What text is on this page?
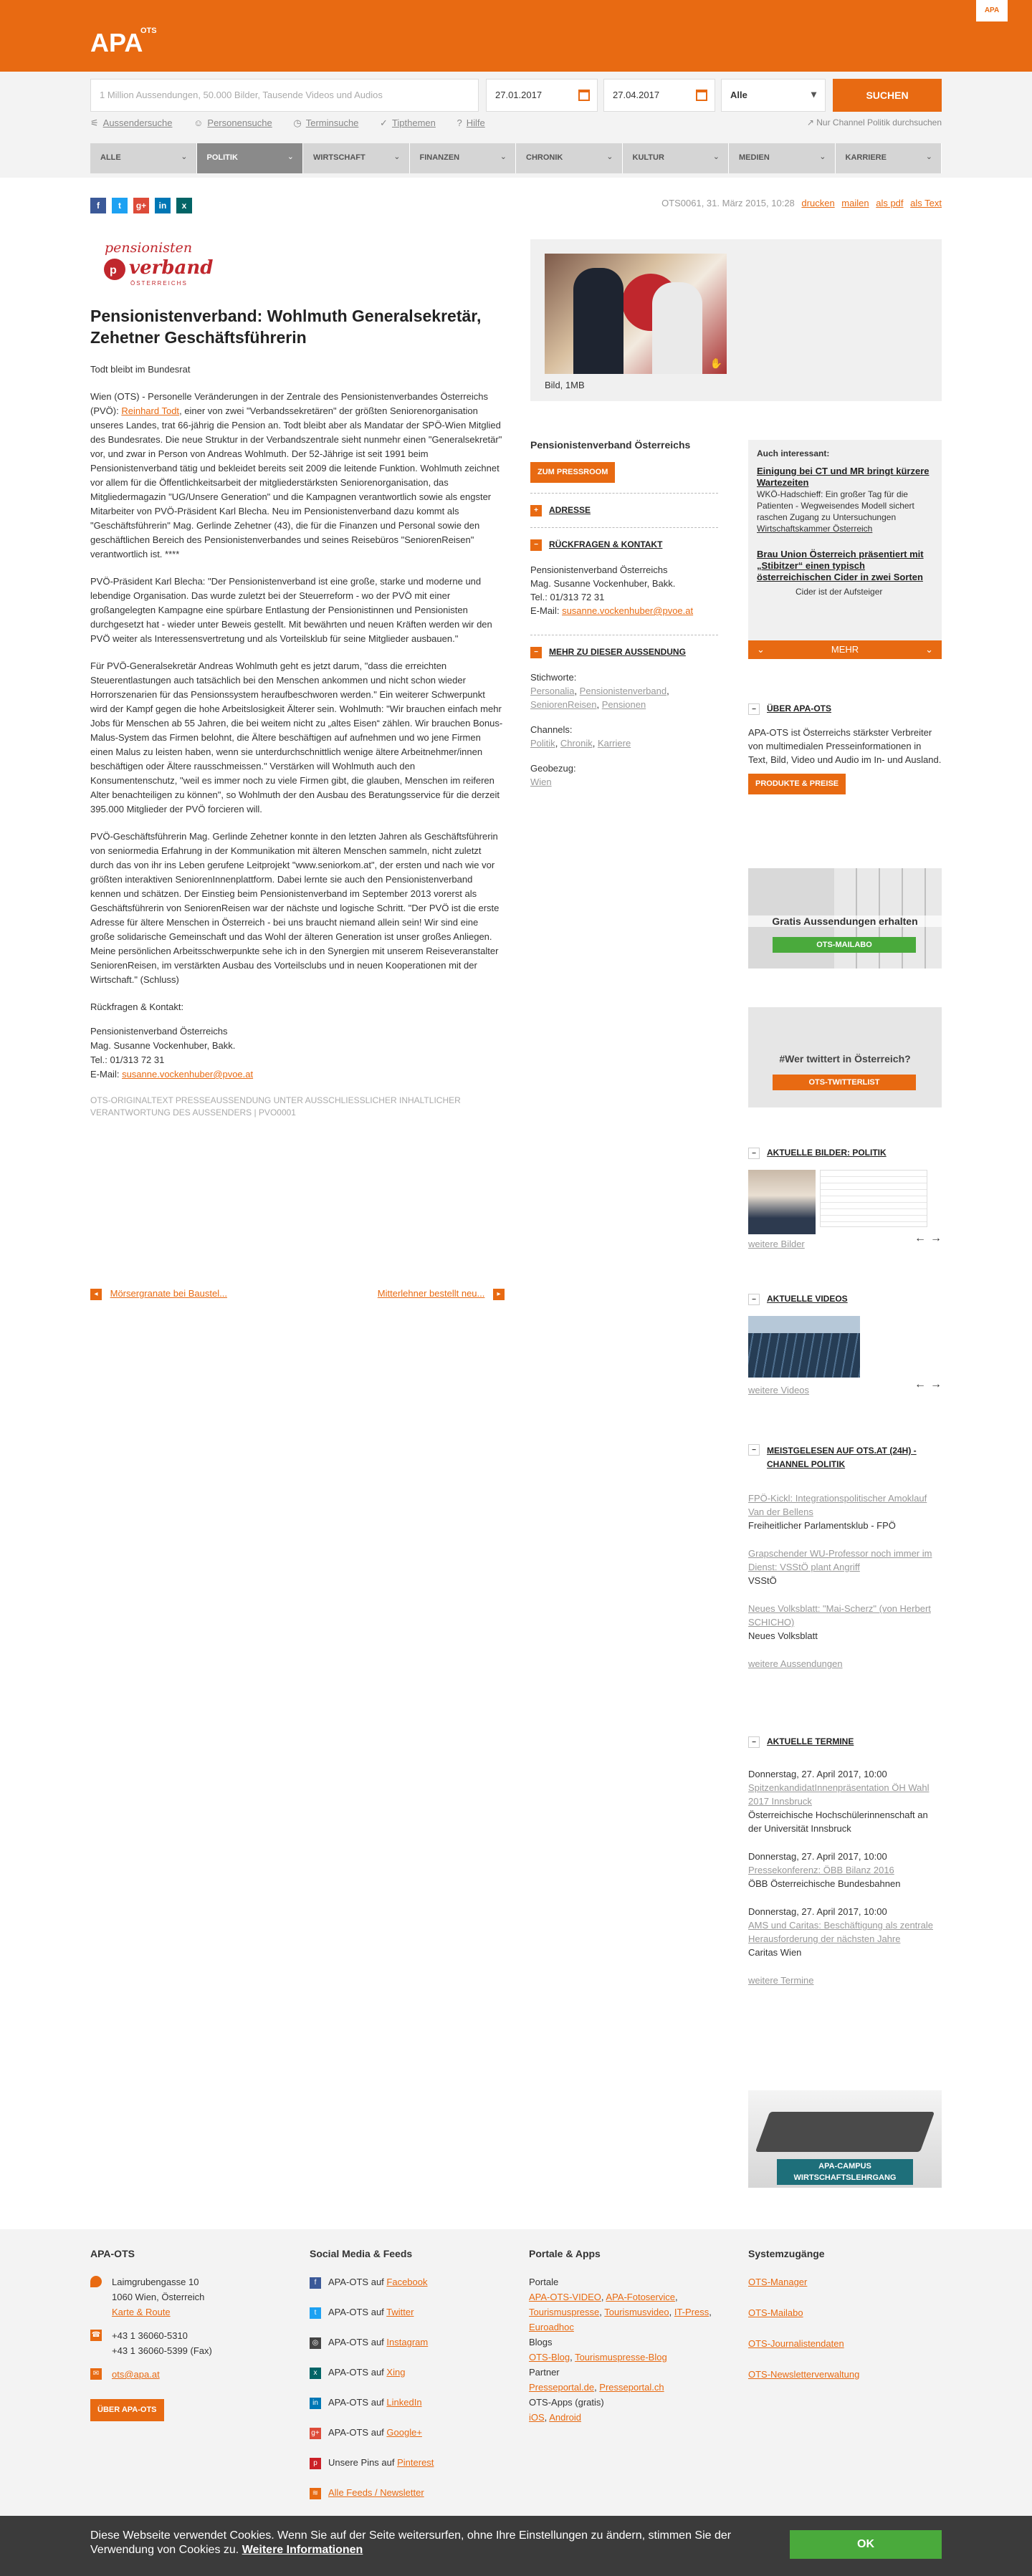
APA
OTS
APA
1 Million Aussendungen, 50.000 Bilder, Tausende Videos und Audios	27.01.2017	27.04.2017	Alle	▾	SUCHEN
⚟ Aussendersuche ☺ Personensuche ◷ Terminsuche ✓ Tipthemen ? Hilfe	↗ Nur Channel Politik durchsuchen
ALLE	⌄	POLITIK	⌄	WIRTSCHAFT	⌄	FINANZEN	⌄	CHRONIK	⌄	KULTUR	⌄	MEDIEN	⌄	KARRIERE	⌄
f	t	g+	in	x	OTS0061, 31. März 2015, 10:28 drucken mailen als pdf als Text
pensionisten
p verband
ÖSTERREICHS
Pensionistenverband: Wohlmuth Generalsekretär, Zehetner Geschäftsführerin

Todt bleibt im Bundesrat

Wien (OTS) - Personelle Veränderungen in der Zentrale des Pensionistenverbandes Österreichs (PVÖ): Reinhard Todt, einer von zwei "Verbandssekretären" der größten Seniorenorganisation unseres Landes, trat 66-jährig die Pension an. Todt bleibt aber als Mandatar der SPÖ-Wien Mitglied des Bundesrates. Die neue Struktur in der Verbandszentrale sieht nunmehr einen "Generalsekretär" vor, und zwar in Person von Andreas Wohlmuth. Der 52-Jährige ist seit 1991 beim Pensionistenverband tätig und bekleidet bereits seit 2009 die leitende Funktion. Wohlmuth zeichnet vor allem für die Öffentlichkeitsarbeit der mitgliederstärksten Seniorenorganisation, das Mitgliedermagazin "UG/Unsere Generation" und die Kampagnen verantwortlich sowie als engster Mitarbeiter von PVÖ-Präsident Karl Blecha. Neu im Pensionistenverband dazu kommt als "Geschäftsführerin" Mag. Gerlinde Zehetner (43), die für die Finanzen und Personal sowie den geschäftlichen Bereich des Pensionistenverbandes und seines Reisebüros "SeniorenReisen" verantwortlich ist. ****

PVÖ-Präsident Karl Blecha: "Der Pensionistenverband ist eine große, starke und moderne und lebendige Organisation. Das wurde zuletzt bei der Steuerreform - wo der PVÖ mit einer großangelegten Kampagne eine spürbare Entlastung der Pensionistinnen und Pensionisten durchgesetzt hat - wieder unter Beweis gestellt. Mit bewährten und neuen Kräften werden wir den PVÖ weiter als Interessensvertretung und als Vorteilsklub für seine Mitglieder ausbauen."

Für PVÖ-Generalsekretär Andreas Wohlmuth geht es jetzt darum, "dass die erreichten Steuerentlastungen auch tatsächlich bei den Menschen ankommen und nicht schon wieder Horrorszenarien für das Pensionssystem heraufbeschworen werden." Ein weiterer Schwerpunkt wird der Kampf gegen die hohe Arbeitslosigkeit Älterer sein. Wohlmuth: "Wir brauchen einfach mehr Jobs für Menschen ab 55 Jahren, die bei weitem nicht zu „altes Eisen“ zählen. Wir brauchen Bonus-Malus-System das Firmen belohnt, die Ältere beschäftigen auf aufnehmen und wo jene Firmen einen Malus zu leisten haben, wenn sie unterdurchschnittlich wenige ältere Arbeitnehmer/innen beschäftigen oder Ältere rausschmeissen." Verstärken will Wohlmuth auch den Konsumentenschutz, "weil es immer noch zu viele Firmen gibt, die glauben, Menschen im reiferen Alter benachteiligen zu können", so Wohlmuth der den Ausbau des Beratungsservice für die derzeit 395.000 Mitglieder der PVÖ forcieren will.

PVÖ-Geschäftsführerin Mag. Gerlinde Zehetner konnte in den letzten Jahren als Geschäftsführerin von seniormedia Erfahrung in der Kommunikation mit älteren Menschen sammeln, nicht zuletzt durch das von ihr ins Leben gerufene Leitprojekt "www.seniorkom.at", der ersten und nach wie vor größten interaktiven SeniorenInnenplattform. Dabei lernte sie auch den Pensionistenverband kennen und schätzen. Der Einstieg beim Pensionistenverband im September 2013 vorerst als Geschäftsführerin von SeniorenReisen war der nächste und logische Schritt. "Der PVÖ ist die erste Adresse für ältere Menschen in Österreich - bei uns braucht niemand allein sein! Wir sind eine große solidarische Gemeinschaft und das Wohl der älteren Generation ist unser großes Anliegen. Meine persönlichen Arbeitsschwerpunkte sehe ich in den Synergien mit unserem Reiseveranstalter SeniorenReisen, im verstärkten Ausbau des Vorteilsclubs und in neuen Kooperationen mit der Wirtschaft." (Schluss)

Rückfragen & Kontakt:

Pensionistenverband Österreichs
Mag. Susanne Vockenhuber, Bakk.
Tel.: 01/313 72 31
E-Mail: susanne.vockenhuber@pvoe.at

OTS-ORIGINALTEXT PRESSEAUSSENDUNG UNTER AUSSCHLIESSLICHER INHALTLICHER VERANTWORTUNG DES AUSSENDERS | PVO0001

◂ Mörsergranate bei Baustel...	Mitterlehner bestellt neu... ▸
✋
Bild, 1MB
Pensionistenverband Österreichs
ZUM PRESSROOM
+ ADRESSE
− RÜCKFRAGEN & KONTAKT
Pensionistenverband Österreichs
Mag. Susanne Vockenhuber, Bakk.
Tel.: 01/313 72 31
E-Mail: susanne.vockenhuber@pvoe.at
− MEHR ZU DIESER AUSSENDUNG
Stichworte:
Personalia, Pensionistenverband, SeniorenReisen, Pensionen
Channels:
Politik, Chronik, Karriere
Geobezug:
Wien
Auch interessant:
Einigung bei CT und MR bringt kürzere Wartezeiten
WKÖ-Hadschieff: Ein großer Tag für die Patienten - Wegweisendes Modell sichert raschen Zugang zu Untersuchungen
Wirtschaftskammer Österreich
Brau Union Österreich präsentiert mit „Stibitzer“ einen typisch österreichischen Cider in zwei Sorten
Cider ist der Aufsteiger
⌄	MEHR	⌄
− ÜBER APA-OTS
APA-OTS ist Österreichs stärkster Verbreiter von multimedialen Presseinformationen in Text, Bild, Video und Audio im In- und Ausland.
PRODUKTE & PREISE
Gratis Aussendungen erhalten
OTS-MAILABO
#Wer twittert in Österreich?
OTS-TWITTERLIST
− AKTUELLE BILDER: POLITIK
← →
weitere Bilder
− AKTUELLE VIDEOS
← →
weitere Videos
−	MEISTGELESEN AUF OTS.AT (24H) - CHANNEL POLITIK
FPÖ-Kickl: Integrationspolitischer Amoklauf Van der Bellens
Freiheitlicher Parlamentsklub - FPÖ
Grapschender WU-Professor noch immer im Dienst: VSStÖ plant Angriff
VSStÖ
Neues Volksblatt: "Mai-Scherz" (von Herbert SCHICHO)
Neues Volksblatt
weitere Aussendungen
− AKTUELLE TERMINE
Donnerstag, 27. April 2017, 10:00
SpitzenkandidatInnenpräsentation ÖH Wahl 2017 Innsbruck
Österreichische Hochschülerinnenschaft an der Universität Innsbruck
Donnerstag, 27. April 2017, 10:00
Pressekonferenz: ÖBB Bilanz 2016
ÖBB Österreichische Bundesbahnen
Donnerstag, 27. April 2017, 10:00
AMS und Caritas: Beschäftigung als zentrale Herausforderung der nächsten Jahre
Caritas Wien
weitere Termine
APA-CAMPUS WIRTSCHAFTSLEHRGANG
APA-OTS
Laimgrubengasse 10
1060 Wien, Österreich
Karte & Route
☎ +43 1 36060-5310
+43 1 36060-5399 (Fax)
✉ ots@apa.at
ÜBER APA-OTS
Social Media & Feeds
f APA-OTS auf Facebook
t APA-OTS auf Twitter
◎ APA-OTS auf Instagram
x APA-OTS auf Xing
in APA-OTS auf LinkedIn
g+ APA-OTS auf Google+
p Unsere Pins auf Pinterest
≋ Alle Feeds / Newsletter
Portale & Apps
Portale
APA-OTS-VIDEO, APA-Fotoservice, Tourismuspresse, Tourismusvideo, IT-Press, Euroadhoc
Blogs
OTS-Blog, Tourismuspresse-Blog
Partner
Presseportal.de, Presseportal.ch
OTS-Apps (gratis)
iOS, Android
Systemzugänge
OTS-Manager
OTS-Mailabo
OTS-Journalistendaten
OTS-Newsletterverwaltung
Diese Webseite verwendet Cookies. Wenn Sie auf der Seite weitersurfen, ohne Ihre Einstellungen zu ändern, stimmen Sie der Verwendung von Cookies zu. Weitere Informationen	OK
